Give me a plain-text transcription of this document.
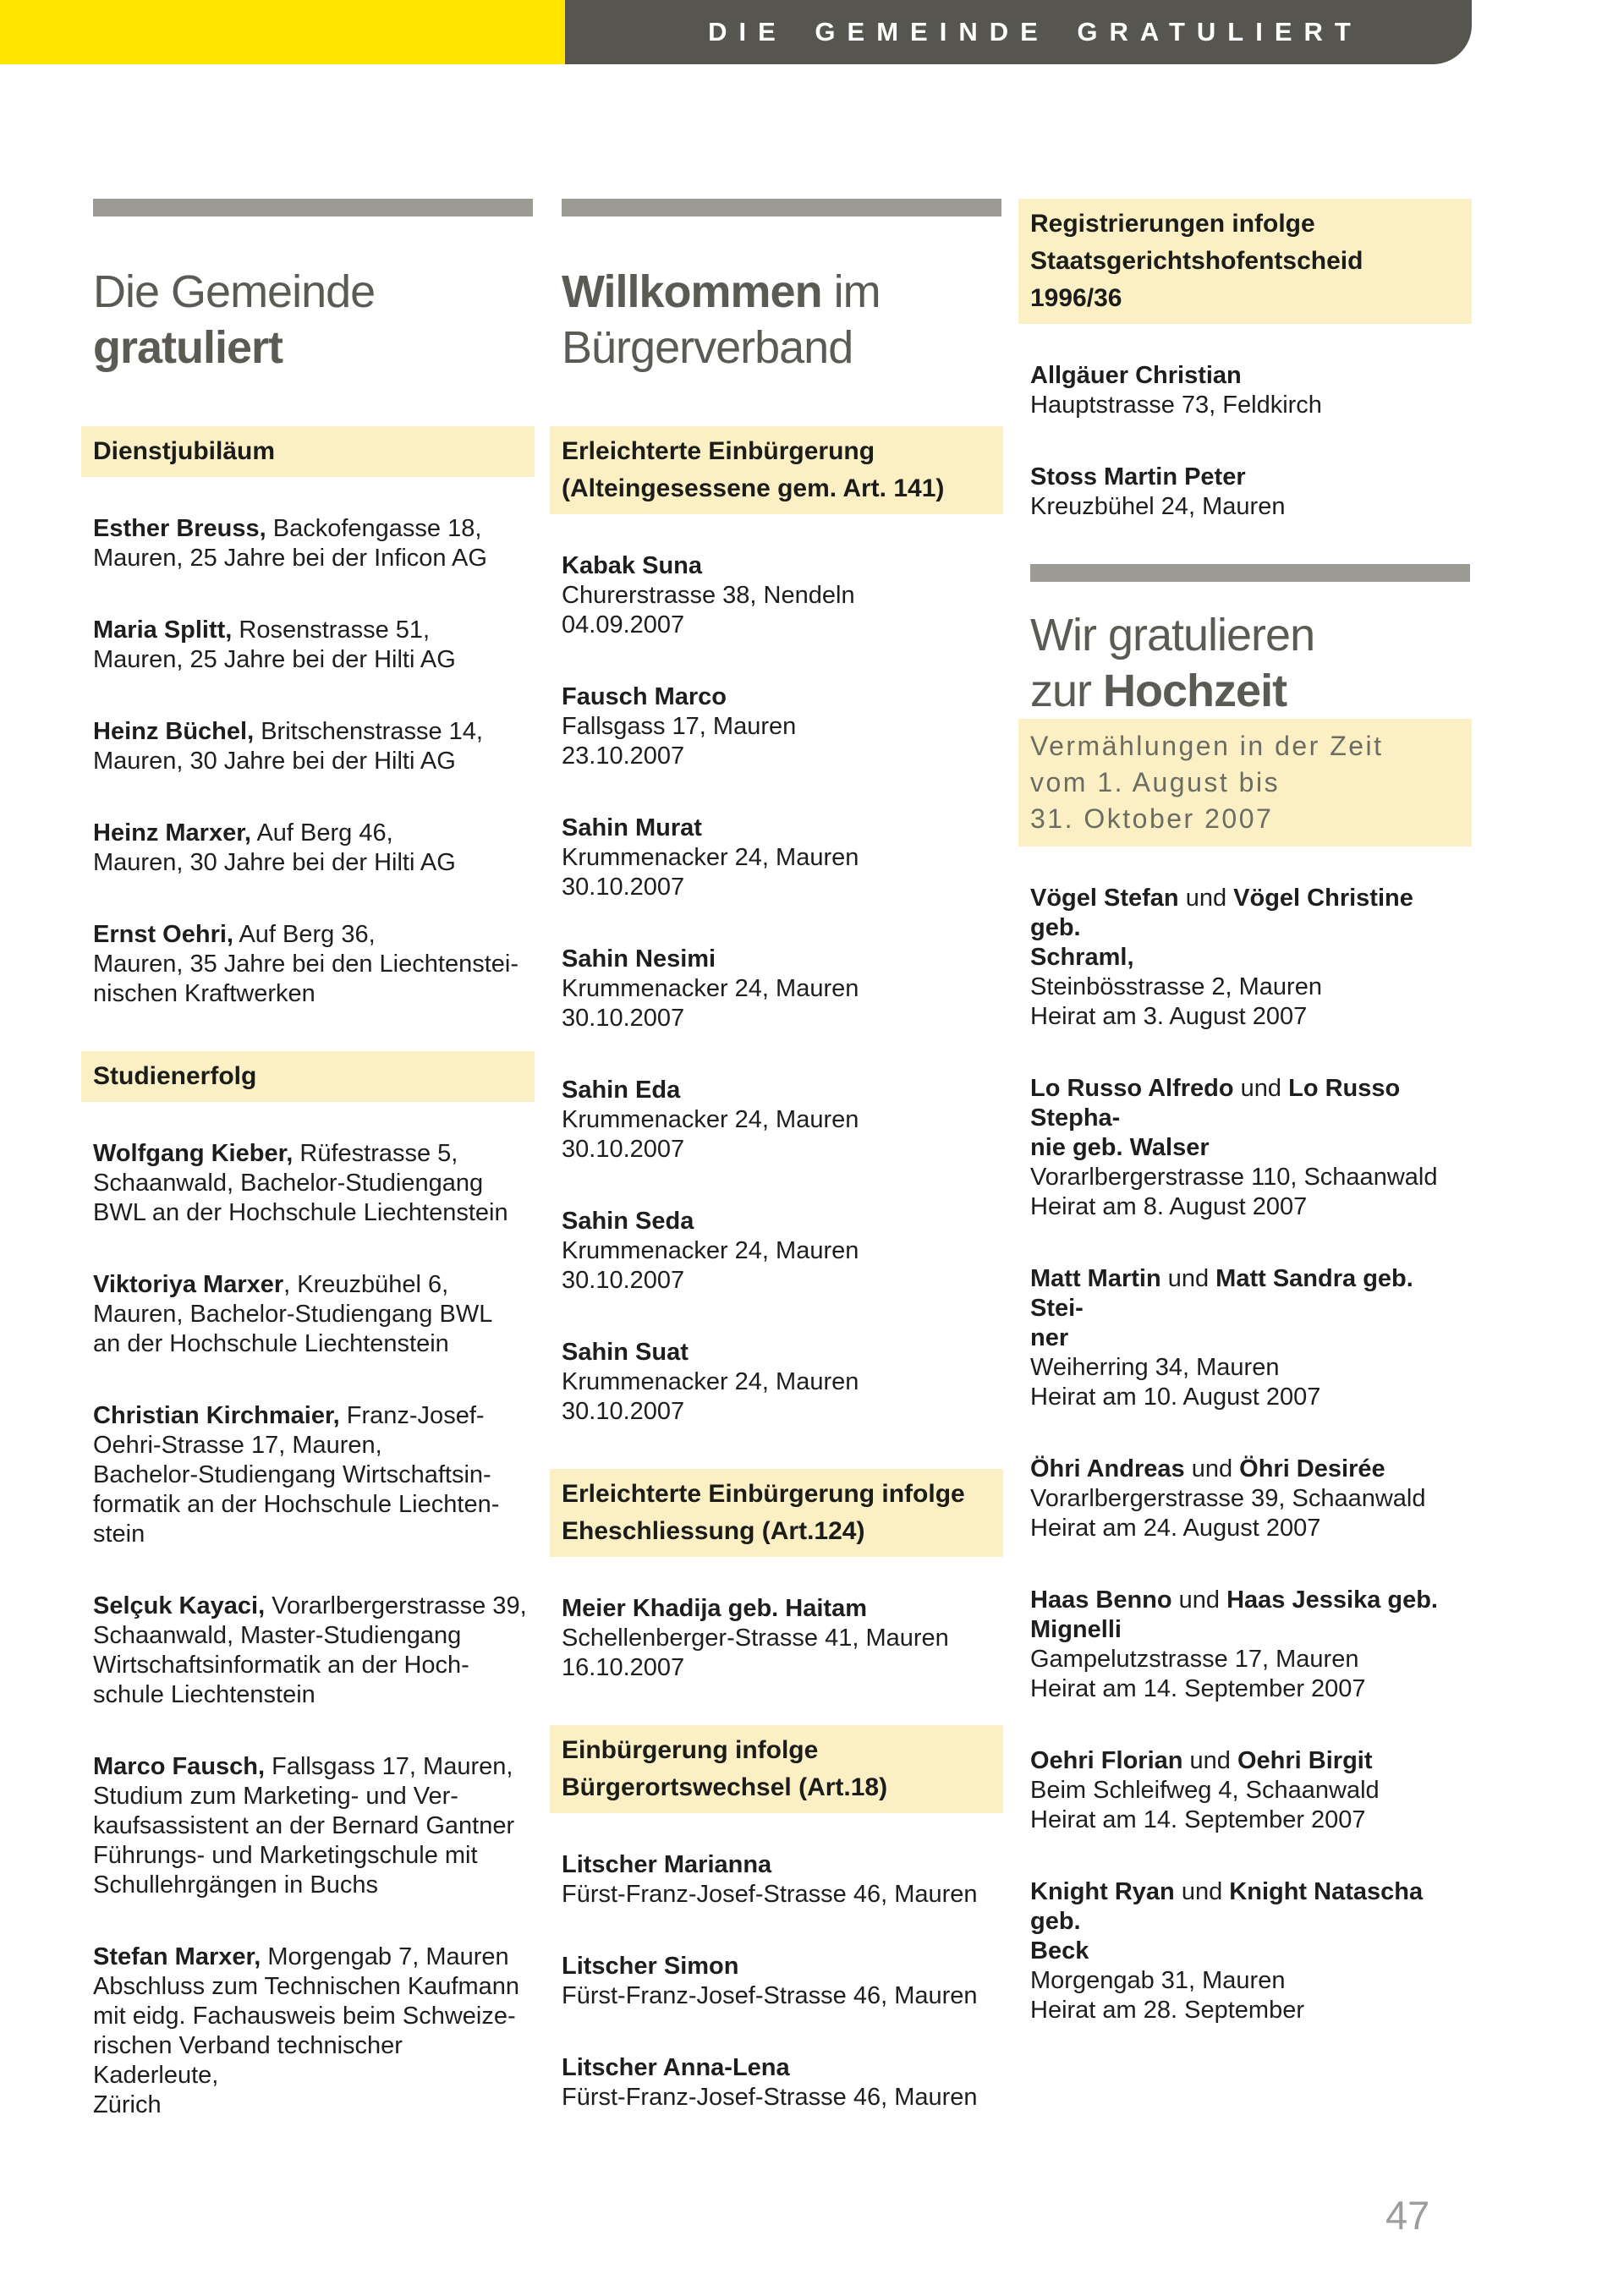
DIE GEMEINDE GRATULIERT
Die Gemeinde
gratuliert
Dienstjubiläum

Esther Breuss, Backofengasse 18,
Mauren, 25 Jahre bei der Inficon AG

Maria Splitt, Rosenstrasse 51,
Mauren, 25 Jahre bei der Hilti AG

Heinz Büchel, Britschenstrasse 14,
Mauren, 30 Jahre bei der Hilti AG

Heinz Marxer, Auf Berg 46,
Mauren, 30 Jahre bei der Hilti AG

Ernst Oehri, Auf Berg 36,
Mauren, 35 Jahre bei den Liechtenstei-
nischen Kraftwerken

Studienerfolg

Wolfgang Kieber, Rüfestrasse 5,
Schaanwald, Bachelor-Studiengang
BWL an der Hochschule Liechtenstein

Viktoriya Marxer, Kreuzbühel 6,
Mauren, Bachelor-Studiengang BWL
an der Hochschule Liechtenstein

Christian Kirchmaier, Franz-Josef-
Oehri-Strasse 17, Mauren,
Bachelor-Studiengang Wirtschaftsin-
formatik an der Hochschule Liechten-
stein

Selçuk Kayaci, Vorarlbergerstrasse 39,
Schaanwald, Master-Studiengang
Wirtschaftsinformatik an der Hoch-
schule Liechtenstein

Marco Fausch, Fallsgass 17, Mauren,
Studium zum Marketing- und Ver-
kaufsassistent an der Bernard Gantner
Führungs- und Marketingschule mit
Schullehrgängen in Buchs

Stefan Marxer, Morgengab 7, Mauren
Abschluss zum Technischen Kaufmann
mit eidg. Fachausweis beim Schweize-
rischen Verband technischer Kaderleute,
Zürich

Willkommen im
Bürgerverband
Erleichterte Einbürgerung
(Alteingesessene gem. Art. 141)

Kabak Suna
Churerstrasse 38, Nendeln
04.09.2007

Fausch Marco
Fallsgass 17, Mauren
23.10.2007

Sahin Murat
Krummenacker 24, Mauren
30.10.2007

Sahin Nesimi
Krummenacker 24, Mauren
30.10.2007

Sahin Eda
Krummenacker 24, Mauren
30.10.2007

Sahin Seda
Krummenacker 24, Mauren
30.10.2007

Sahin Suat
Krummenacker 24, Mauren
30.10.2007

Erleichterte Einbürgerung infolge
Eheschliessung (Art.124)

Meier Khadija geb. Haitam
Schellenberger-Strasse 41, Mauren
16.10.2007

Einbürgerung infolge
Bürgerortswechsel (Art.18)

Litscher Marianna
Fürst-Franz-Josef-Strasse 46, Mauren

Litscher Simon
Fürst-Franz-Josef-Strasse 46, Mauren

Litscher Anna-Lena
Fürst-Franz-Josef-Strasse 46, Mauren

Registrierungen infolge
Staatsgerichtshofentscheid 1996/36

Allgäuer Christian
Hauptstrasse 73, Feldkirch

Stoss Martin Peter
Kreuzbühel 24, Mauren

Wir gratulieren
zur Hochzeit
Vermählungen in der Zeit
vom 1. August bis
31. Oktober 2007

Vögel Stefan und Vögel Christine geb.
Schraml,
Steinbösstrasse 2, Mauren
Heirat am 3. August 2007

Lo Russo Alfredo und Lo Russo Stepha-
nie geb. Walser
Vorarlbergerstrasse 110, Schaanwald
Heirat am 8. August 2007

Matt Martin und Matt Sandra geb. Stei-
ner
Weiherring 34, Mauren
Heirat am 10. August 2007

Öhri Andreas und Öhri Desirée
Vorarlbergerstrasse 39, Schaanwald
Heirat am 24. August 2007

Haas Benno und Haas Jessika geb.
Mignelli
Gampelutzstrasse 17, Mauren
Heirat am 14. September 2007

Oehri Florian und Oehri Birgit
Beim Schleifweg 4, Schaanwald
Heirat am 14. September 2007

Knight Ryan und Knight Natascha geb.
Beck
Morgengab 31, Mauren
Heirat am 28. September

47
